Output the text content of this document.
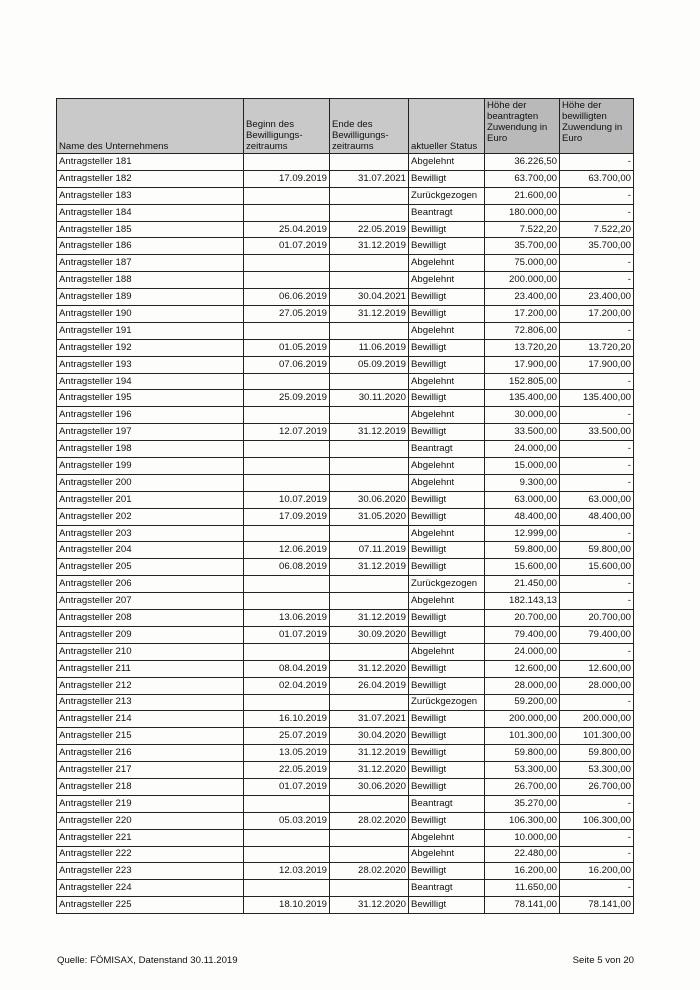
Name des Unternehmens	Beginn des Bewilligungs-zeitraums	Ende des Bewilligungs-zeitraums	aktueller Status	Höhe der beantragten Zuwendung in Euro	Höhe der bewilligten Zuwendung in Euro
Antragsteller 181			Abgelehnt	36.226,50	-
Antragsteller 182	17.09.2019	31.07.2021	Bewilligt	63.700,00	63.700,00
Antragsteller 183			Zurückgezogen	21.600,00	-
Antragsteller 184			Beantragt	180.000,00	-
Antragsteller 185	25.04.2019	22.05.2019	Bewilligt	7.522,20	7.522,20
Antragsteller 186	01.07.2019	31.12.2019	Bewilligt	35.700,00	35.700,00
Antragsteller 187			Abgelehnt	75.000,00	-
Antragsteller 188			Abgelehnt	200.000,00	-
Antragsteller 189	06.06.2019	30.04.2021	Bewilligt	23.400,00	23.400,00
Antragsteller 190	27.05.2019	31.12.2019	Bewilligt	17.200,00	17.200,00
Antragsteller 191			Abgelehnt	72.806,00	-
Antragsteller 192	01.05.2019	11.06.2019	Bewilligt	13.720,20	13.720,20
Antragsteller 193	07.06.2019	05.09.2019	Bewilligt	17.900,00	17.900,00
Antragsteller 194			Abgelehnt	152.805,00	-
Antragsteller 195	25.09.2019	30.11.2020	Bewilligt	135.400,00	135.400,00
Antragsteller 196			Abgelehnt	30.000,00	-
Antragsteller 197	12.07.2019	31.12.2019	Bewilligt	33.500,00	33.500,00
Antragsteller 198			Beantragt	24.000,00	-
Antragsteller 199			Abgelehnt	15.000,00	-
Antragsteller 200			Abgelehnt	9.300,00	-
Antragsteller 201	10.07.2019	30.06.2020	Bewilligt	63.000,00	63.000,00
Antragsteller 202	17.09.2019	31.05.2020	Bewilligt	48.400,00	48.400,00
Antragsteller 203			Abgelehnt	12.999,00	-
Antragsteller 204	12.06.2019	07.11.2019	Bewilligt	59.800,00	59.800,00
Antragsteller 205	06.08.2019	31.12.2019	Bewilligt	15.600,00	15.600,00
Antragsteller 206			Zurückgezogen	21.450,00	-
Antragsteller 207			Abgelehnt	182.143,13	-
Antragsteller 208	13.06.2019	31.12.2019	Bewilligt	20.700,00	20.700,00
Antragsteller 209	01.07.2019	30.09.2020	Bewilligt	79.400,00	79.400,00
Antragsteller 210			Abgelehnt	24.000,00	-
Antragsteller 211	08.04.2019	31.12.2020	Bewilligt	12.600,00	12.600,00
Antragsteller 212	02.04.2019	26.04.2019	Bewilligt	28.000,00	28.000,00
Antragsteller 213			Zurückgezogen	59.200,00	-
Antragsteller 214	16.10.2019	31.07.2021	Bewilligt	200.000,00	200.000,00
Antragsteller 215	25.07.2019	30.04.2020	Bewilligt	101.300,00	101.300,00
Antragsteller 216	13.05.2019	31.12.2019	Bewilligt	59.800,00	59.800,00
Antragsteller 217	22.05.2019	31.12.2020	Bewilligt	53.300,00	53.300,00
Antragsteller 218	01.07.2019	30.06.2020	Bewilligt	26.700,00	26.700,00
Antragsteller 219			Beantragt	35.270,00	-
Antragsteller 220	05.03.2019	28.02.2020	Bewilligt	106.300,00	106.300,00
Antragsteller 221			Abgelehnt	10.000,00	-
Antragsteller 222			Abgelehnt	22.480,00	-
Antragsteller 223	12.03.2019	28.02.2020	Bewilligt	16.200,00	16.200,00
Antragsteller 224			Beantragt	11.650,00	-
Antragsteller 225	18.10.2019	31.12.2020	Bewilligt	78.141,00	78.141,00
Quelle: FÖMISAX, Datenstand 30.11.2019	Seite 5 von 20
